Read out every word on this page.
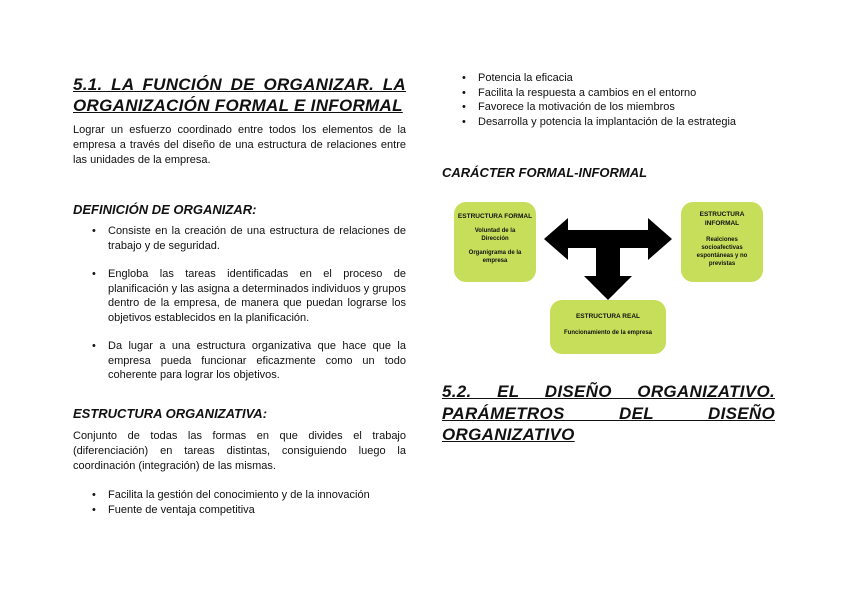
5.1. LA FUNCIÓN DE ORGANIZAR. LA
ORGANIZACIÓN FORMAL E INFORMAL
Lograr un esfuerzo coordinado entre todos los elementos de la empresa a través del diseño de una estructura de relaciones entre las unidades de la empresa.
DEFINICIÓN DE ORGANIZAR:
• Consiste en la creación de una estructura de relaciones de trabajo y de seguridad.
• Engloba las tareas identificadas en el proceso de planificación y las asigna a determinados individuos y grupos dentro de la empresa, de manera que puedan lograrse los objetivos establecidos en la planificación.
• Da lugar a una estructura organizativa que hace que la empresa pueda funcionar eficazmente como un todo coherente para lograr los objetivos.
ESTRUCTURA ORGANIZATIVA:
Conjunto de todas las formas en que divides el trabajo (diferenciación) en tareas distintas, consiguiendo luego la coordinación (integración) de las mismas.
• Facilita la gestión del conocimiento y de la innovación
• Fuente de ventaja competitiva
• Potencia la eficacia
• Facilita la respuesta a cambios en el entorno
• Favorece la motivación de los miembros
• Desarrolla y potencia la implantación de la estrategia
CARÁCTER FORMAL-INFORMAL
ESTRUCTURA FORMAL
Voluntad de la Dirección
Organigrama de la empresa
ESTRUCTURA INFORMAL
Realciones socioafectivas espontáneas y no previstas
ESTRUCTURA REAL
Funcionamiento de la empresa
5.2. EL DISEÑO ORGANIZATIVO.
PARÁMETROS DEL DISEÑO
ORGANIZATIVO
